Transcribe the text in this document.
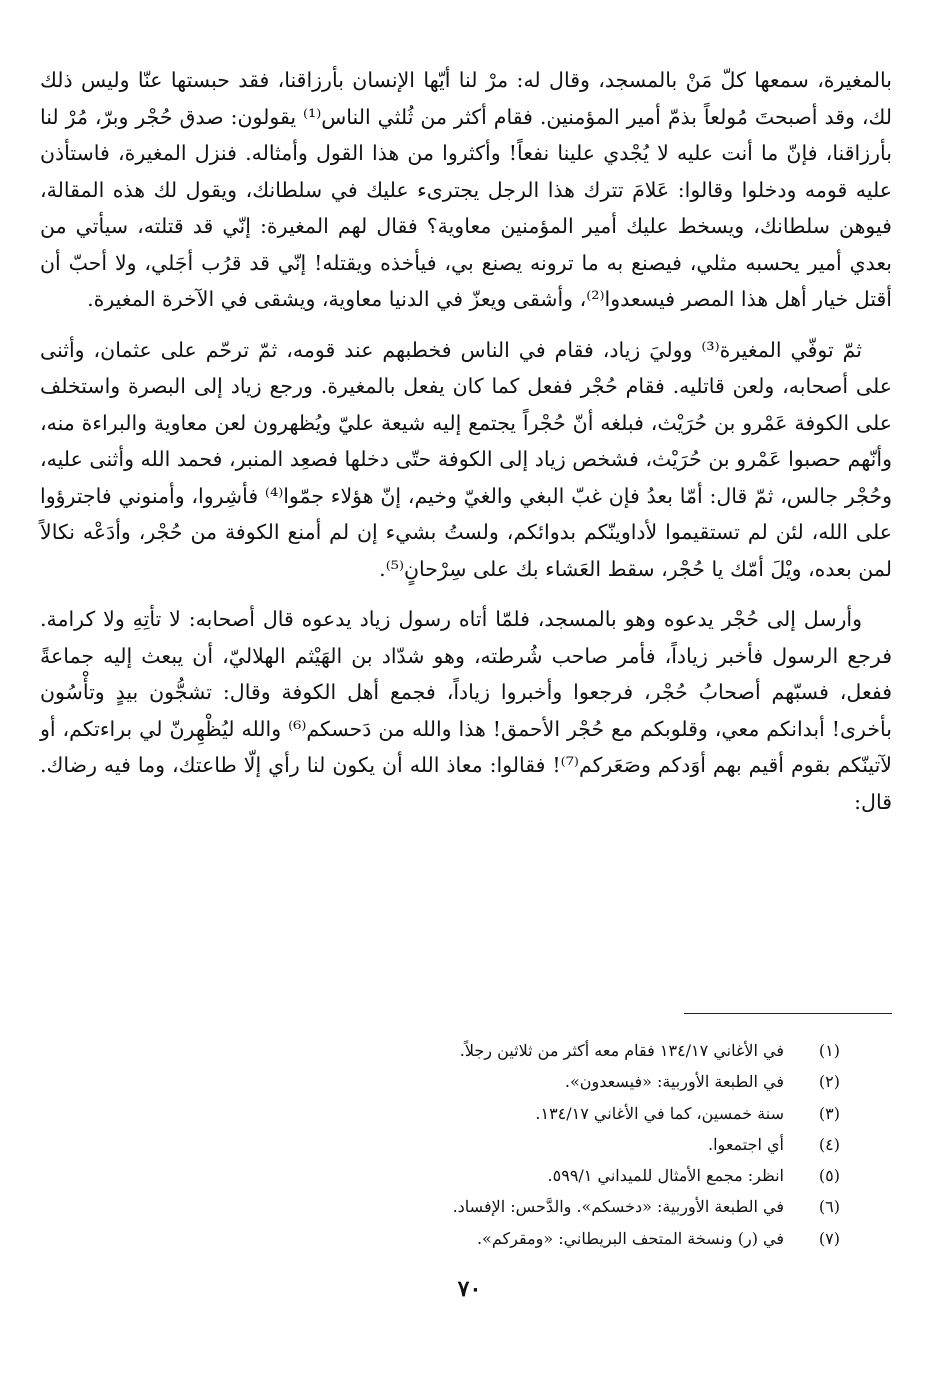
بالمغيرة، سمعها كلّ مَنْ بالمسجد، وقال له: مرْ لنا أيّها الإنسان بأرزاقنا، فقد حبستها عنّا وليس ذلك لك، وقد أصبحتَ مُولعاً بذمّ أمير المؤمنين. فقام أكثر من ثُلثي الناس⁽¹⁾ يقولون: صدق حُجْر وبرّ، مُرْ لنا بأرزاقنا، فإنّ ما أنت عليه لا يُجْدي علينا نفعاً! وأكثروا من هذا القول وأمثاله. فنزل المغيرة، فاستأذن عليه قومه ودخلوا وقالوا: عَلامَ تترك هذا الرجل يجترىء عليك في سلطانك، ويقول لك هذه المقالة، فيوهن سلطانك، ويسخط عليك أمير المؤمنين معاوية؟ فقال لهم المغيرة: إنّي قد قتلته، سيأتي من بعدي أمير يحسبه مثلي، فيصنع به ما ترونه يصنع بي، فيأخذه ويقتله! إنّي قد قرُب أجَلي، ولا أحبّ أن أقتل خيار أهل هذا المصر فيسعدوا⁽²⁾، وأشقى ويعزّ في الدنيا معاوية، ويشقى في الآخرة المغيرة.

ثمّ توفّي المغيرة⁽³⁾ ووليَ زياد، فقام في الناس فخطبهم عند قومه، ثمّ ترحّم على عثمان، وأثنى على أصحابه، ولعن قاتليه. فقام حُجْر ففعل كما كان يفعل بالمغيرة. ورجع زياد إلى البصرة واستخلف على الكوفة عَمْرو بن حُرَيْث، فبلغه أنّ حُجْراً يجتمع إليه شيعة عليّ ويُظهرون لعن معاوية والبراءة منه، وأنّهم حصبوا عَمْرو بن حُرَيْث، فشخص زياد إلى الكوفة حتّى دخلها فصعِد المنبر، فحمد الله وأثنى عليه، وحُجْر جالس، ثمّ قال: أمّا بعدُ فإن غبّ البغي والغيّ وخيم، إنّ هؤلاء جمّوا⁽⁴⁾ فأشِروا، وأمنوني فاجترؤوا على الله، لئن لم تستقيموا لأداوينّكم بدوائكم، ولستُ بشيء إن لم أمنع الكوفة من حُجْر، وأدَعْه نكالاً لمن بعده، ويْلَ أمّك يا حُجْر، سقط العَشاء بك على سِرْحانٍ⁽⁵⁾.

وأرسل إلى حُجْر يدعوه وهو بالمسجد، فلمّا أتاه رسول زياد يدعوه قال أصحابه: لا تأتِهِ ولا كرامة. فرجع الرسول فأخبر زياداً، فأمر صاحب شُرطته، وهو شدّاد بن الهَيْثم الهلاليّ، أن يبعث إليه جماعةً ففعل، فسبّهم أصحابُ حُجْر، فرجعوا وأخبروا زياداً، فجمع أهل الكوفة وقال: تشجُّون بيدٍ وتأْسُون بأخرى! أبدانكم معي، وقلوبكم مع حُجْر الأحمق! هذا والله من دَحسكم⁽⁶⁾ والله ليُظْهِرنّ لي براءتكم، أو لآتينّكم بقوم أقيم بهم أوَدكم وصَعَركم⁽⁷⁾! فقالوا: معاذ الله أن يكون لنا رأي إلّا طاعتك، وما فيه رضاك. قال:

(١)
في الأغاني ١٣٤/١٧ فقام معه أكثر من ثلاثين رجلاً.
(٢)
في الطبعة الأوربية: «فيسعدون».
(٣)
سنة خمسين، كما في الأغاني ١٣٤/١٧.
(٤)
أي اجتمعوا.
(٥)
انظر: مجمع الأمثال للميداني ٥٩٩/١.
(٦)
في الطبعة الأوربية: «دخسكم». والدَّحس: الإفساد.
(٧)
في (ر) ونسخة المتحف البريطاني: «ومقركم».
٧٠
